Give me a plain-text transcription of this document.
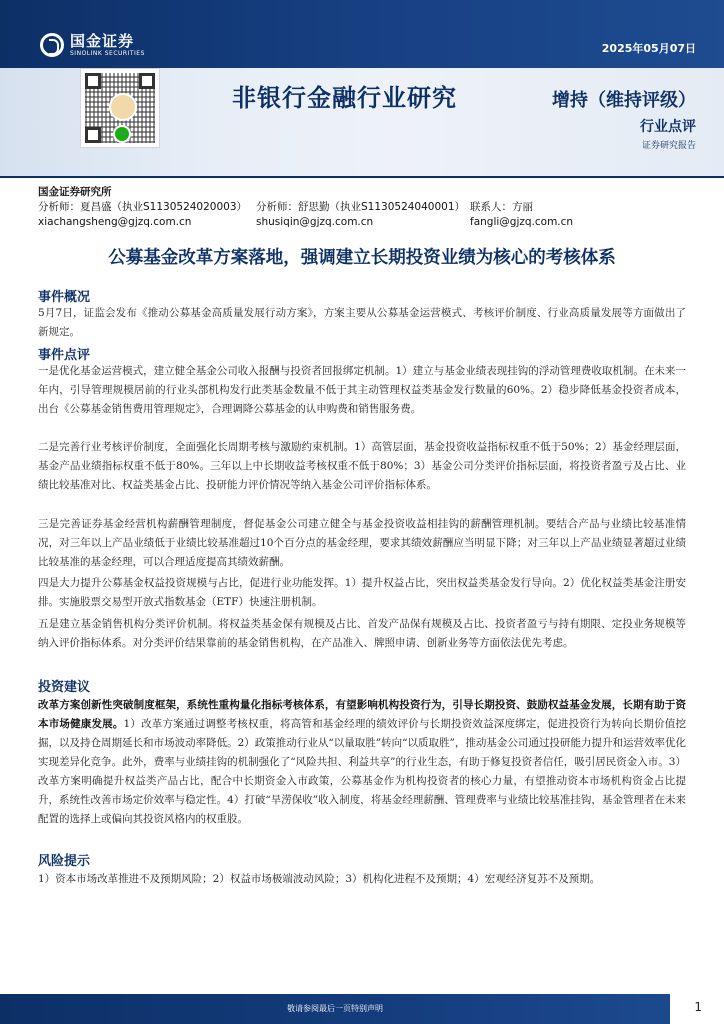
国金证券
SINOLINK SECURITIES	2025年05月07日
非银行金融行业研究	增持（维持评级）
行业点评
证券研究报告
国金证券研究所
分析师：夏昌盛（执业S1130524020003） 分析师：舒思勤（执业S1130524040001） 联系人：方丽
xiachangsheng@gjzq.com.cn	shusiqin@gjzq.com.cn	fangli@gjzq.com.cn
公募基金改革方案落地，强调建立长期投资业绩为核心的考核体系
事件概况
5月7日，证监会发布《推动公募基金高质量发展行动方案》，方案主要从公募基金运营模式、考核评价制度、行业高质量发展等方面做出了新规定。
事件点评
一是优化基金运营模式，建立健全基金公司收入报酬与投资者回报绑定机制。1）建立与基金业绩表现挂钩的浮动管理费收取机制。在未来一年内，引导管理规模居前的行业头部机构发行此类基金数量不低于其主动管理权益类基金发行数量的60%。2）稳步降低基金投资者成本，出台《公募基金销售费用管理规定》，合理调降公募基金的认申购费和销售服务费。
二是完善行业考核评价制度，全面强化长周期考核与激励约束机制。1）高管层面，基金投资收益指标权重不低于50%；2）基金经理层面，基金产品业绩指标权重不低于80%。三年以上中长期收益考核权重不低于80%；3）基金公司分类评价指标层面，将投资者盈亏及占比、业绩比较基准对比、权益类基金占比、投研能力评价情况等纳入基金公司评价指标体系。
三是完善证券基金经营机构薪酬管理制度，督促基金公司建立健全与基金投资收益相挂钩的薪酬管理机制。要结合产品与业绩比较基准情况，对三年以上产品业绩低于业绩比较基准超过10个百分点的基金经理，要求其绩效薪酬应当明显下降；对三年以上产品业绩显著超过业绩比较基准的基金经理，可以合理适度提高其绩效薪酬。
四是大力提升公募基金权益投资规模与占比，促进行业功能发挥。1）提升权益占比，突出权益类基金发行导向。2）优化权益类基金注册安排。实施股票交易型开放式指数基金（ETF）快速注册机制。
五是建立基金销售机构分类评价机制。将权益类基金保有规模及占比、首发产品保有规模及占比、投资者盈亏与持有期限、定投业务规模等纳入评价指标体系。对分类评价结果靠前的基金销售机构，在产品准入、牌照申请、创新业务等方面依法优先考虑。
投资建议
改革方案创新性突破制度框架，系统性重构量化指标考核体系，有望影响机构投资行为，引导长期投资、鼓励权益基金发展，长期有助于资本市场健康发展。1）改革方案通过调整考核权重，将高管和基金经理的绩效评价与长期投资效益深度绑定，促进投资行为转向长期价值挖掘，以及持仓周期延长和市场波动率降低。2）政策推动行业从“以量取胜”转向“以质取胜”，推动基金公司通过投研能力提升和运营效率优化实现差异化竞争。此外，费率与业绩挂钩的机制强化了“风险共担、利益共享”的行业生态，有助于修复投资者信任，吸引居民资金入市。3）改革方案明确提升权益类产品占比，配合中长期资金入市政策，公募基金作为机构投资者的核心力量，有望推动资本市场机构资金占比提升，系统性改善市场定价效率与稳定性。4）打破“旱涝保收”收入制度，将基金经理薪酬、管理费率与业绩比较基准挂钩，基金管理者在未来配置的选择上或偏向其投资风格内的权重股。
风险提示
1）资本市场改革推进不及预期风险；2）权益市场极端波动风险；3）机构化进程不及预期；4）宏观经济复苏不及预期。
敬请参阅最后一页特别声明	1
